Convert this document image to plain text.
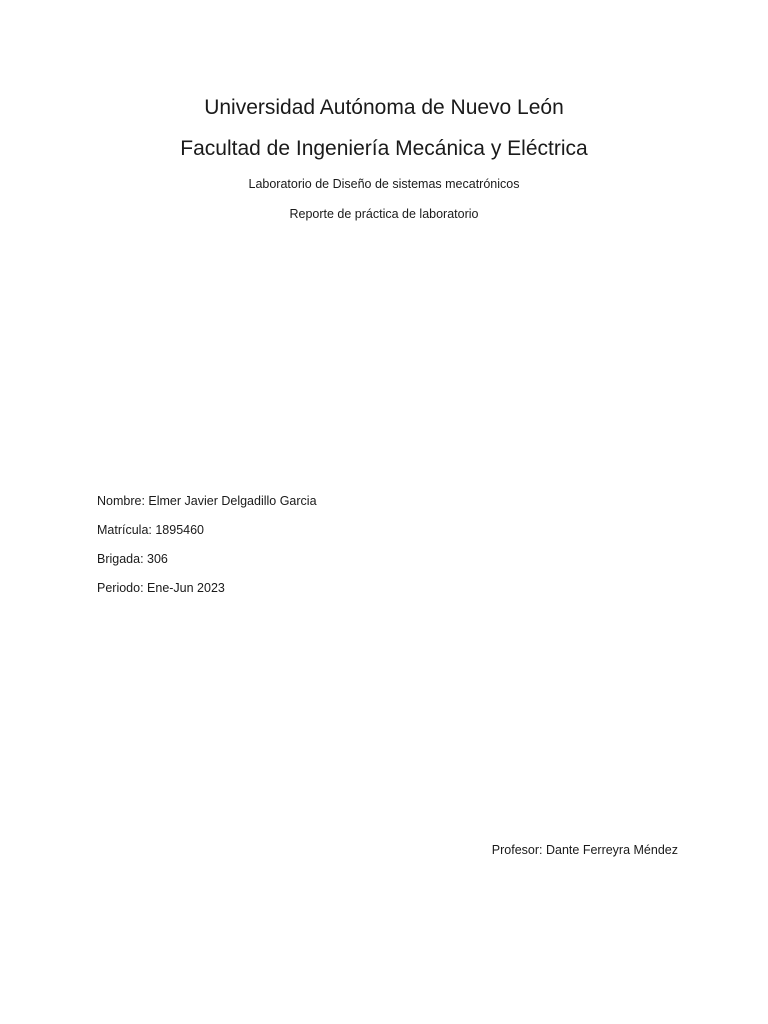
Universidad Autónoma de Nuevo León
Facultad de Ingeniería Mecánica y Eléctrica
Laboratorio de Diseño de sistemas mecatrónicos
Reporte de práctica de laboratorio
Nombre: Elmer Javier Delgadillo Garcia
Matrícula: 1895460
Brigada: 306
Periodo: Ene-Jun 2023
Profesor: Dante Ferreyra Méndez
